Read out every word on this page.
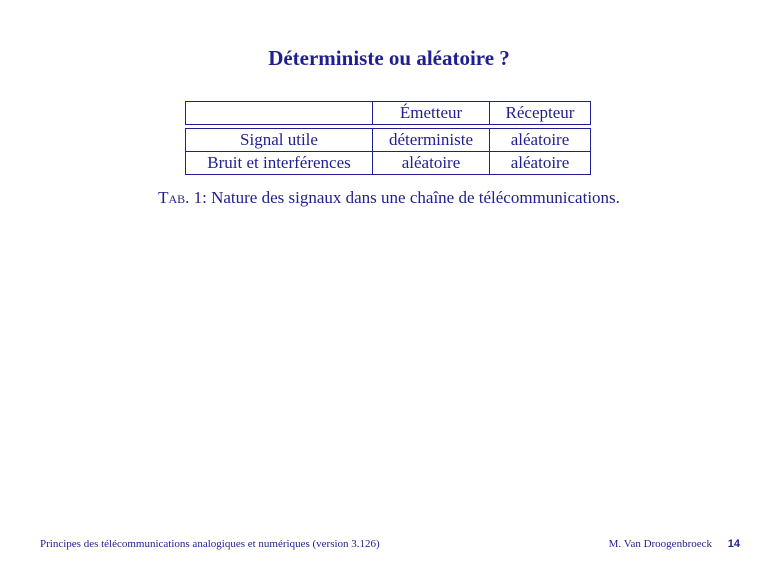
Déterministe ou aléatoire ?
	Émetteur	Récepteur

Signal utile	déterministe	aléatoire
Bruit et interférences	aléatoire	aléatoire
Tab. 1: Nature des signaux dans une chaîne de télécommunications.
Principes des télécommunications analogiques et numériques (version 3.126)	M. Van Droogenbroeck 14
